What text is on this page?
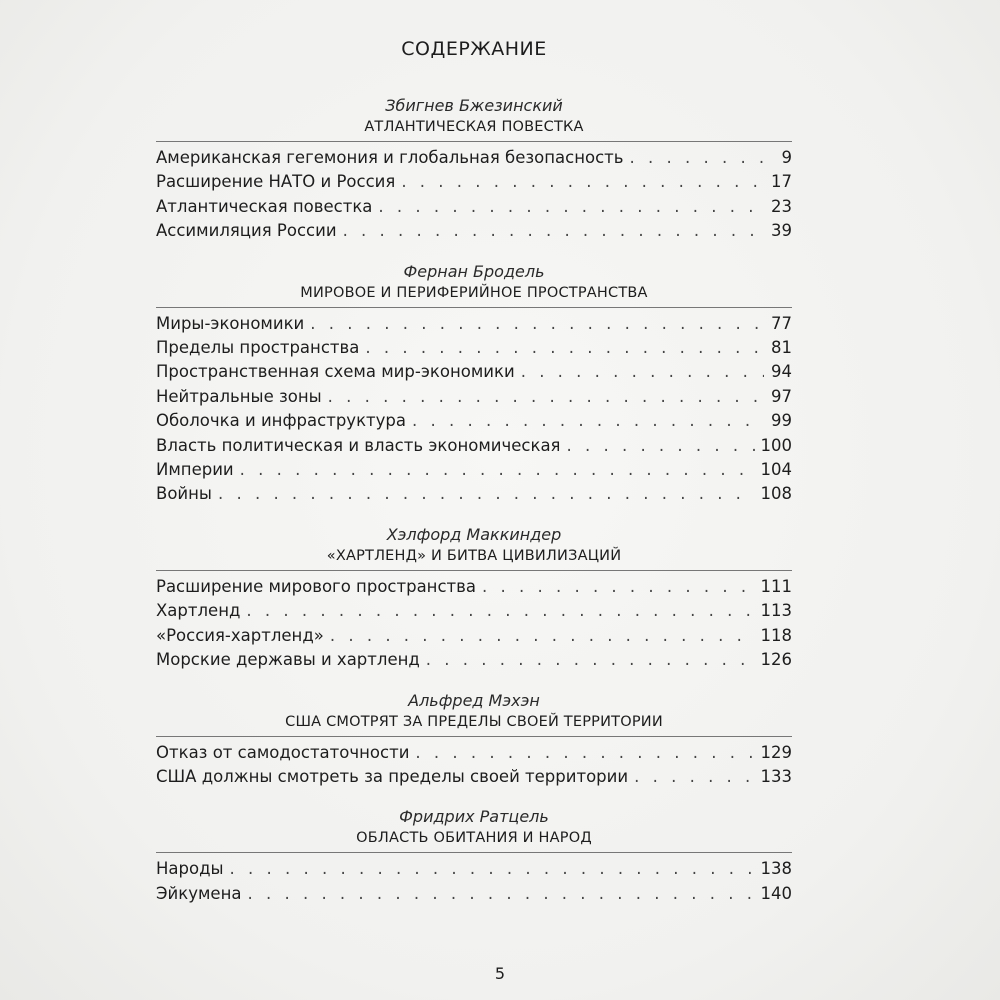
СОДЕРЖАНИЕ
Збигнев Бжезинский
АТЛАНТИЧЕСКАЯ ПОВЕСТКА
Американская гегемония и глобальная безопасность . . .	9
Расширение НАТО и Россия . . .	17
Атлантическая повестка . . .	23
Ассимиляция России . . .	39
Фернан Бродель
МИРОВОЕ И ПЕРИФЕРИЙНОЕ ПРОСТРАНСТВА
Миры-экономики . . .	77
Пределы пространства . . .	81
Пространственная схема мир-экономики . . .	94
Нейтральные зоны . . .	97
Оболочка и инфраструктура . . .	99
Власть политическая и власть экономическая . . .	100
Империи . . .	104
Войны . . .	108
Хэлфорд Маккиндер
«ХАРТЛЕНД» И БИТВА ЦИВИЛИЗАЦИЙ
Расширение мирового пространства . . .	111
Хартленд . . .	113
«Россия-хартленд» . . .	118
Морские державы и хартленд . . .	126
Альфред Мэхэн
США СМОТРЯТ ЗА ПРЕДЕЛЫ СВОЕЙ ТЕРРИТОРИИ
Отказ от самодостаточности . . .	129
США должны смотреть за пределы своей территории . . .	133
Фридрих Ратцель
ОБЛАСТЬ ОБИТАНИЯ И НАРОД
Народы . . .	138
Эйкумена . . .	140
5
